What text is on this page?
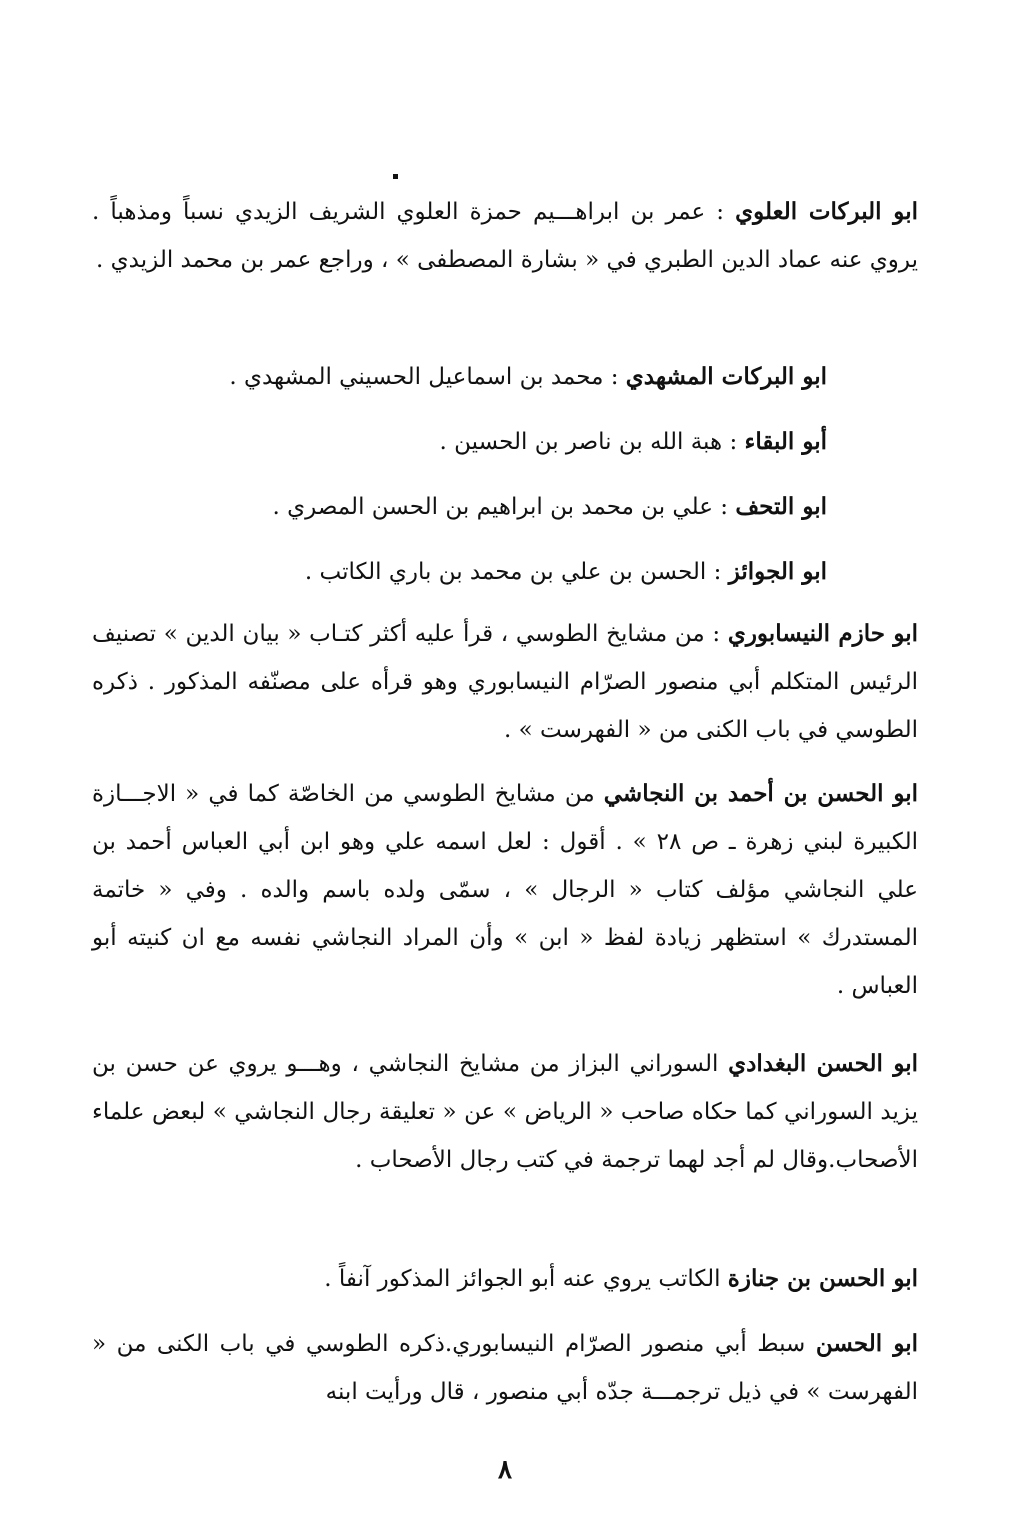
ابو البركات العلوي : عمر بن ابراهـــيم حمزة العلوي الشريف الزيدي نسباً ومذهباً . يروي عنه عماد الدين الطبري في « بشارة المصطفى » ، وراجع عمر بن محمد الزيدي .

ابو البركات المشهدي : محمد بن اسماعيل الحسيني المشهدي .

أبو البقاء : هبة الله بن ناصر بن الحسين .

ابو التحف : علي بن محمد بن ابراهيم بن الحسن المصري .

ابو الجوائز : الحسن بن علي بن محمد بن باري الكاتب .

ابو حازم النيسابوري : من مشايخ الطوسي ، قرأ عليه أكثر كتـاب « بيان الدين » تصنيف الرئيس المتكلم أبي منصور الصرّام النيسابوري وهو قرأه على مصنّفه المذكور . ذكره الطوسي في باب الكنى من « الفهرست » .

ابو الحسن بن أحمد بن النجاشي من مشايخ الطوسي من الخاصّة كما في « الاجـــازة الكبيرة لبني زهرة ـ ص ٢٨ » . أقول : لعل اسمه علي وهو ابن أبي العباس أحمد بن علي النجاشي مؤلف كتاب « الرجال » ، سمّى ولده باسم والده . وفي « خاتمة المستدرك » استظهر زيادة لفظ « ابن » وأن المراد النجاشي نفسه مع ان كنيته أبو العباس .

ابو الحسن البغدادي السوراني البزاز من مشايخ النجاشي ، وهـــو يروي عن حسن بن يزيد السوراني كما حكاه صاحب « الرياض » عن « تعليقة رجال النجاشي » لبعض علماء الأصحاب.وقال لم أجد لهما ترجمة في كتب رجال الأصحاب .

ابو الحسن بن جنازة الكاتب يروي عنه أبو الجوائز المذكور آنفاً .

ابو الحسن سبط أبي منصور الصرّام النيسابوري.ذكره الطوسي في باب الكنى من « الفهرست » في ذيل ترجمـــة جدّه أبي منصور ، قال ورأيت ابنه

٨
